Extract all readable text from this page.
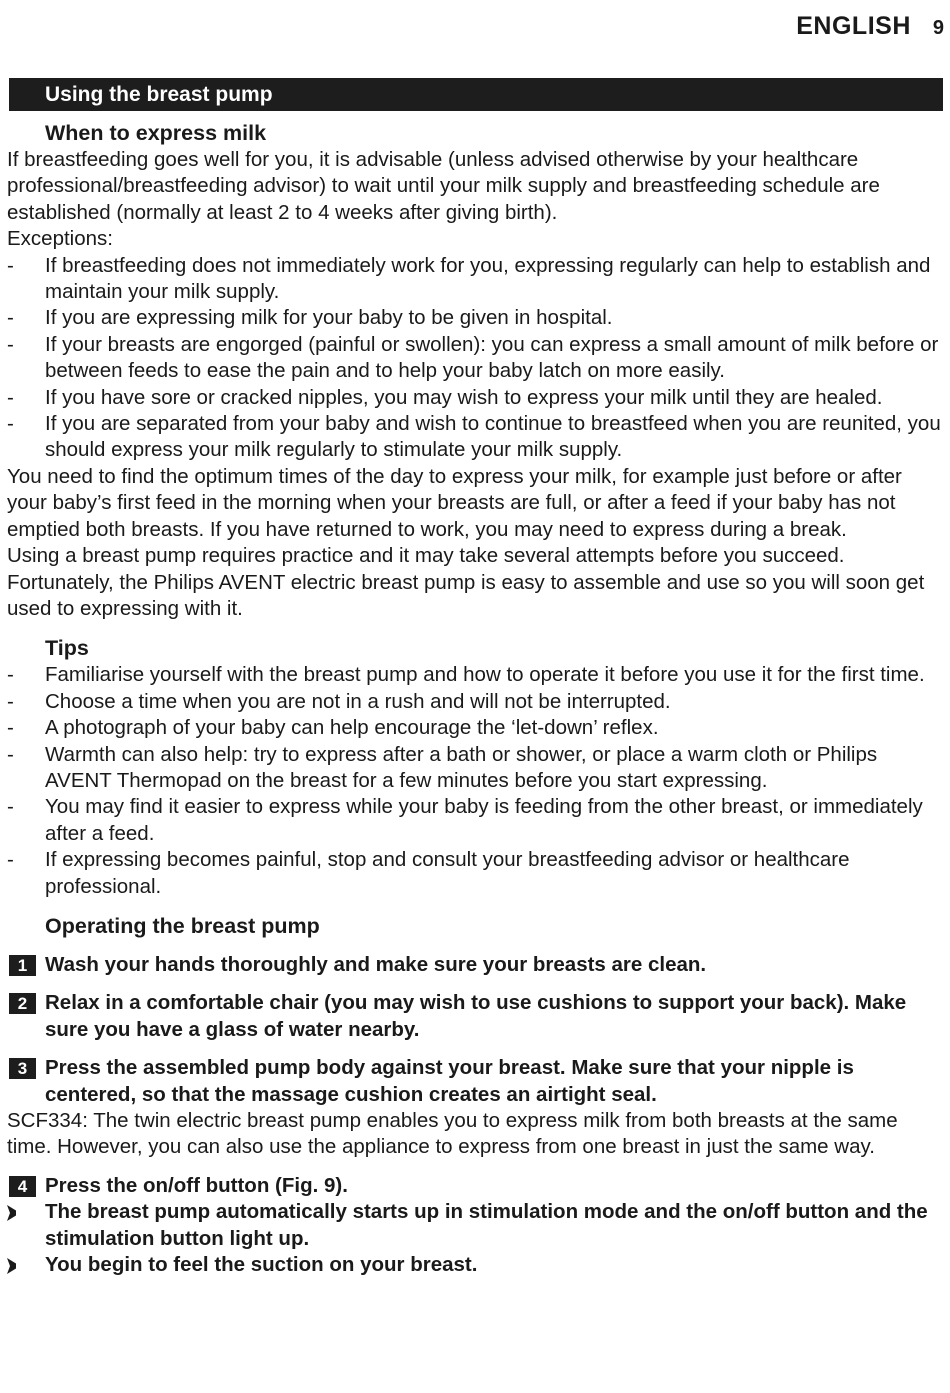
ENGLISH 9
Using the breast pump
When to express milk
If breastfeeding goes well for you, it is advisable (unless advised otherwise by your healthcare professional/breastfeeding advisor) to wait until your milk supply and breastfeeding schedule are established (normally at least 2 to 4 weeks after giving birth).
Exceptions:
- If breastfeeding does not immediately work for you, expressing regularly can help to establish and maintain your milk supply.
- If you are expressing milk for your baby to be given in hospital.
- If your breasts are engorged (painful or swollen): you can express a small amount of milk before or between feeds to ease the pain and to help your baby latch on more easily.
- If you have sore or cracked nipples, you may wish to express your milk until they are healed.
- If you are separated from your baby and wish to continue to breastfeed when you are reunited, you should express your milk regularly to stimulate your milk supply.
You need to find the optimum times of the day to express your milk, for example just before or after your baby’s first feed in the morning when your breasts are full, or after a feed if your baby has not emptied both breasts. If you have returned to work, you may need to express during a break.
Using a breast pump requires practice and it may take several attempts before you succeed. Fortunately, the Philips AVENT electric breast pump is easy to assemble and use so you will soon get used to expressing with it.
Tips
- Familiarise yourself with the breast pump and how to operate it before you use it for the first time.
- Choose a time when you are not in a rush and will not be interrupted.
- A photograph of your baby can help encourage the ‘let-down’ reflex.
- Warmth can also help: try to express after a bath or shower, or place a warm cloth or Philips AVENT Thermopad on the breast for a few minutes before you start expressing.
- You may find it easier to express while your baby is feeding from the other breast, or immediately after a feed.
- If expressing becomes painful, stop and consult your breastfeeding advisor or healthcare professional.
Operating the breast pump
1 Wash your hands thoroughly and make sure your breasts are clean.
2 Relax in a comfortable chair (you may wish to use cushions to support your back). Make sure you have a glass of water nearby.
3 Press the assembled pump body against your breast. Make sure that your nipple is centered, so that the massage cushion creates an airtight seal.
SCF334: The twin electric breast pump enables you to express milk from both breasts at the same time. However, you can also use the appliance to express from one breast in just the same way.
4 Press the on/off button (Fig. 9).
The breast pump automatically starts up in stimulation mode and the on/off button and the stimulation button light up.
You begin to feel the suction on your breast.
